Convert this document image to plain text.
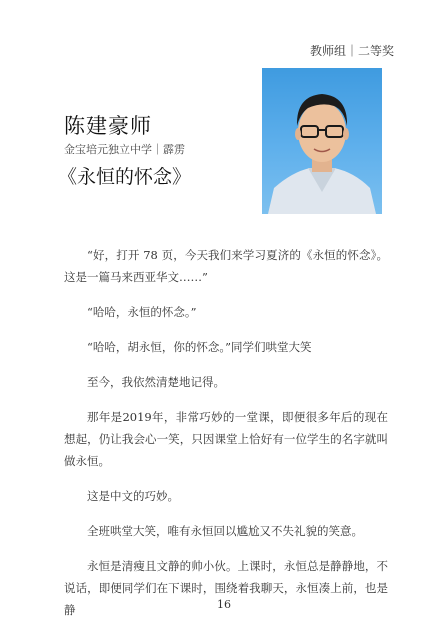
教师组｜二等奖
陈建豪师
金宝培元独立中学｜霹雳
《永恒的怀念》

“好，打开 78 页，今天我们来学习夏济的《永恒的怀念》。这是一篇马来西亚华文……”

“哈哈，永恒的怀念。”

“哈哈，胡永恒，你的怀念。”同学们哄堂大笑

至今，我依然清楚地记得。

那年是2019年，非常巧妙的一堂课，即便很多年后的现在想起，仍让我会心一笑，只因课堂上恰好有一位学生的名字就叫做永恒。

这是中文的巧妙。

全班哄堂大笑，唯有永恒回以尴尬又不失礼貌的笑意。

永恒是清瘦且文静的帅小伙。上课时，永恒总是静静地，不说话，即便同学们在下课时，围绕着我聊天，永恒凑上前，也是静	16
